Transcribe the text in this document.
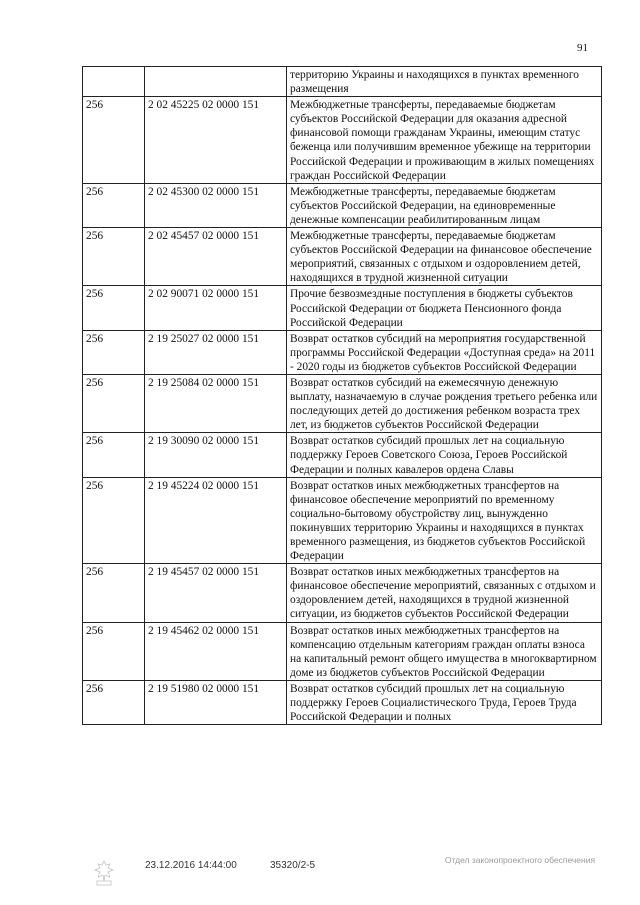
91
		территорию Украины и находящихся в пунктах временного размещения
256	2 02 45225 02 0000 151	Межбюджетные трансферты, передаваемые бюджетам субъектов Российской Федерации для оказания адресной финансовой помощи гражданам Украины, имеющим статус беженца или получившим временное убежище на территории Российской Федерации и проживающим в жилых помещениях граждан Российской Федерации
256	2 02 45300 02 0000 151	Межбюджетные трансферты, передаваемые бюджетам субъектов Российской Федерации, на единовременные денежные компенсации реабилитированным лицам
256	2 02 45457 02 0000 151	Межбюджетные трансферты, передаваемые бюджетам субъектов Российской Федерации на финансовое обеспечение мероприятий, связанных с отдыхом и оздоровлением детей, находящихся в трудной жизненной ситуации
256	2 02 90071 02 0000 151	Прочие безвозмездные поступления в бюджеты субъектов Российской Федерации от бюджета Пенсионного фонда Российской Федерации
256	2 19 25027 02 0000 151	Возврат остатков субсидий на мероприятия государственной программы Российской Федерации «Доступная среда» на 2011 - 2020 годы из бюджетов субъектов Российской Федерации
256	2 19 25084 02 0000 151	Возврат остатков субсидий на ежемесячную денежную выплату, назначаемую в случае рождения третьего ребенка или последующих детей до достижения ребенком возраста трех лет, из бюджетов субъектов Российской Федерации
256	2 19 30090 02 0000 151	Возврат остатков субсидий прошлых лет на социальную поддержку Героев Советского Союза, Героев Российской Федерации и полных кавалеров ордена Славы
256	2 19 45224 02 0000 151	Возврат остатков иных межбюджетных трансфертов на финансовое обеспечение мероприятий по временному социально-бытовому обустройству лиц, вынужденно покинувших территорию Украины и находящихся в пунктах временного размещения, из бюджетов субъектов Российской Федерации
256	2 19 45457 02 0000 151	Возврат остатков иных межбюджетных трансфертов на финансовое обеспечение мероприятий, связанных с отдыхом и оздоровлением детей, находящихся в трудной жизненной ситуации, из бюджетов субъектов Российской Федерации
256	2 19 45462 02 0000 151	Возврат остатков иных межбюджетных трансфертов на компенсацию отдельным категориям граждан оплаты взноса на капитальный ремонт общего имущества в многоквартирном доме из бюджетов субъектов Российской Федерации
256	2 19 51980 02 0000 151	Возврат остатков субсидий прошлых лет на социальную поддержку Героев Социалистического Труда, Героев Труда Российской Федерации и полных
23.12.2016 14:44:00	35320/2-5	Отдел законопроектного обеспечения
